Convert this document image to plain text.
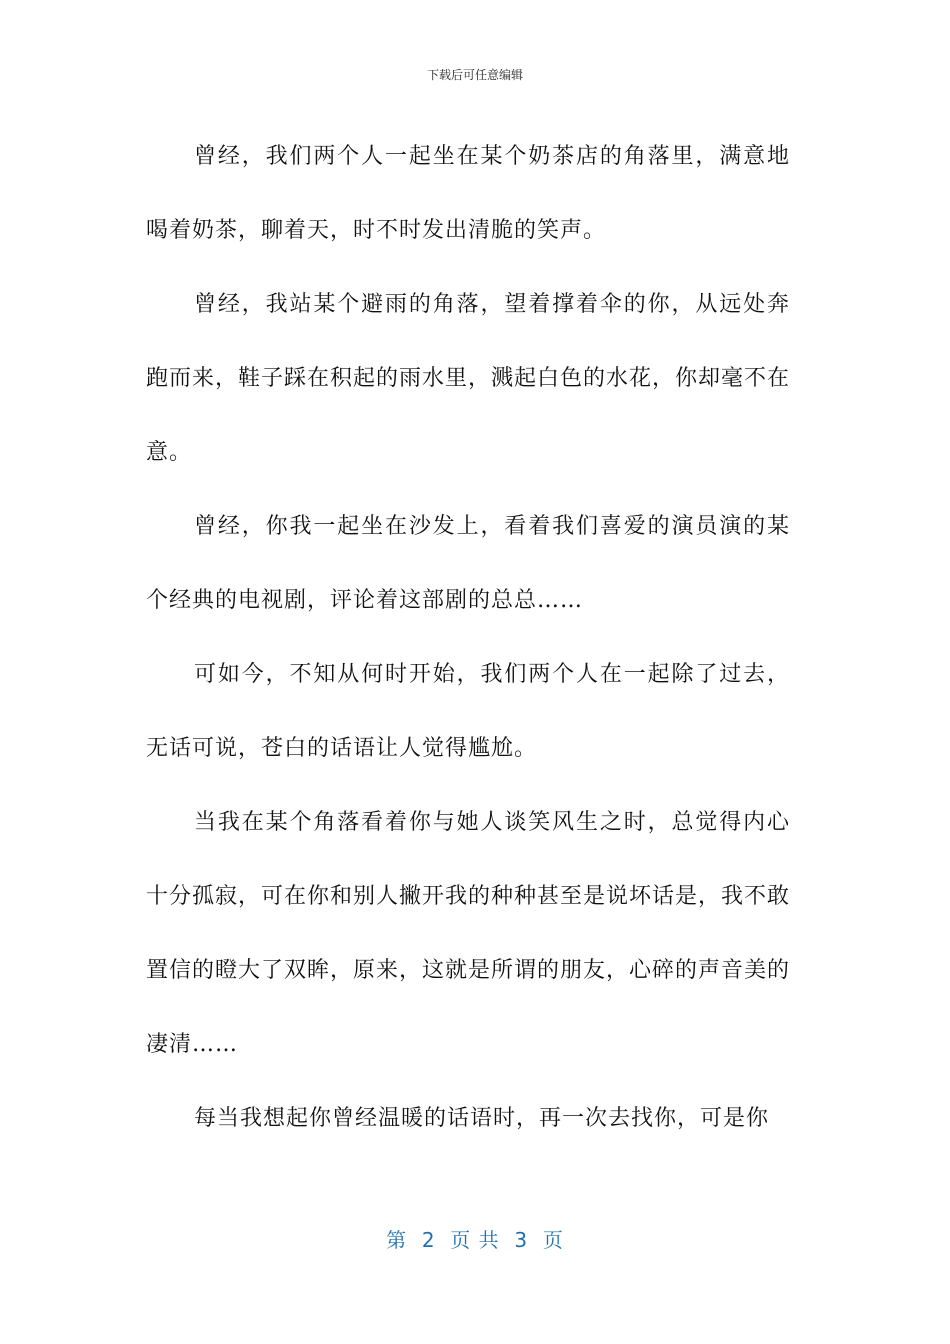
下载后可任意编辑

曾经，我们两个人一起坐在某个奶茶店的角落里，满意地喝着奶茶，聊着天，时不时发出清脆的笑声。

曾经，我站某个避雨的角落，望着撑着伞的你，从远处奔跑而来，鞋子踩在积起的雨水里，溅起白色的水花，你却毫不在意。

曾经，你我一起坐在沙发上，看着我们喜爱的演员演的某个经典的电视剧，评论着这部剧的总总……

可如今，不知从何时开始，我们两个人在一起除了过去，无话可说，苍白的话语让人觉得尴尬。

当我在某个角落看着你与她人谈笑风生之时，总觉得内心十分孤寂，可在你和别人撇开我的种种甚至是说坏话是，我不敢置信的瞪大了双眸，原来，这就是所谓的朋友，心碎的声音美的凄清……

每当我想起你曾经温暖的话语时，再一次去找你，可是你

第  2  页 共  3  页
